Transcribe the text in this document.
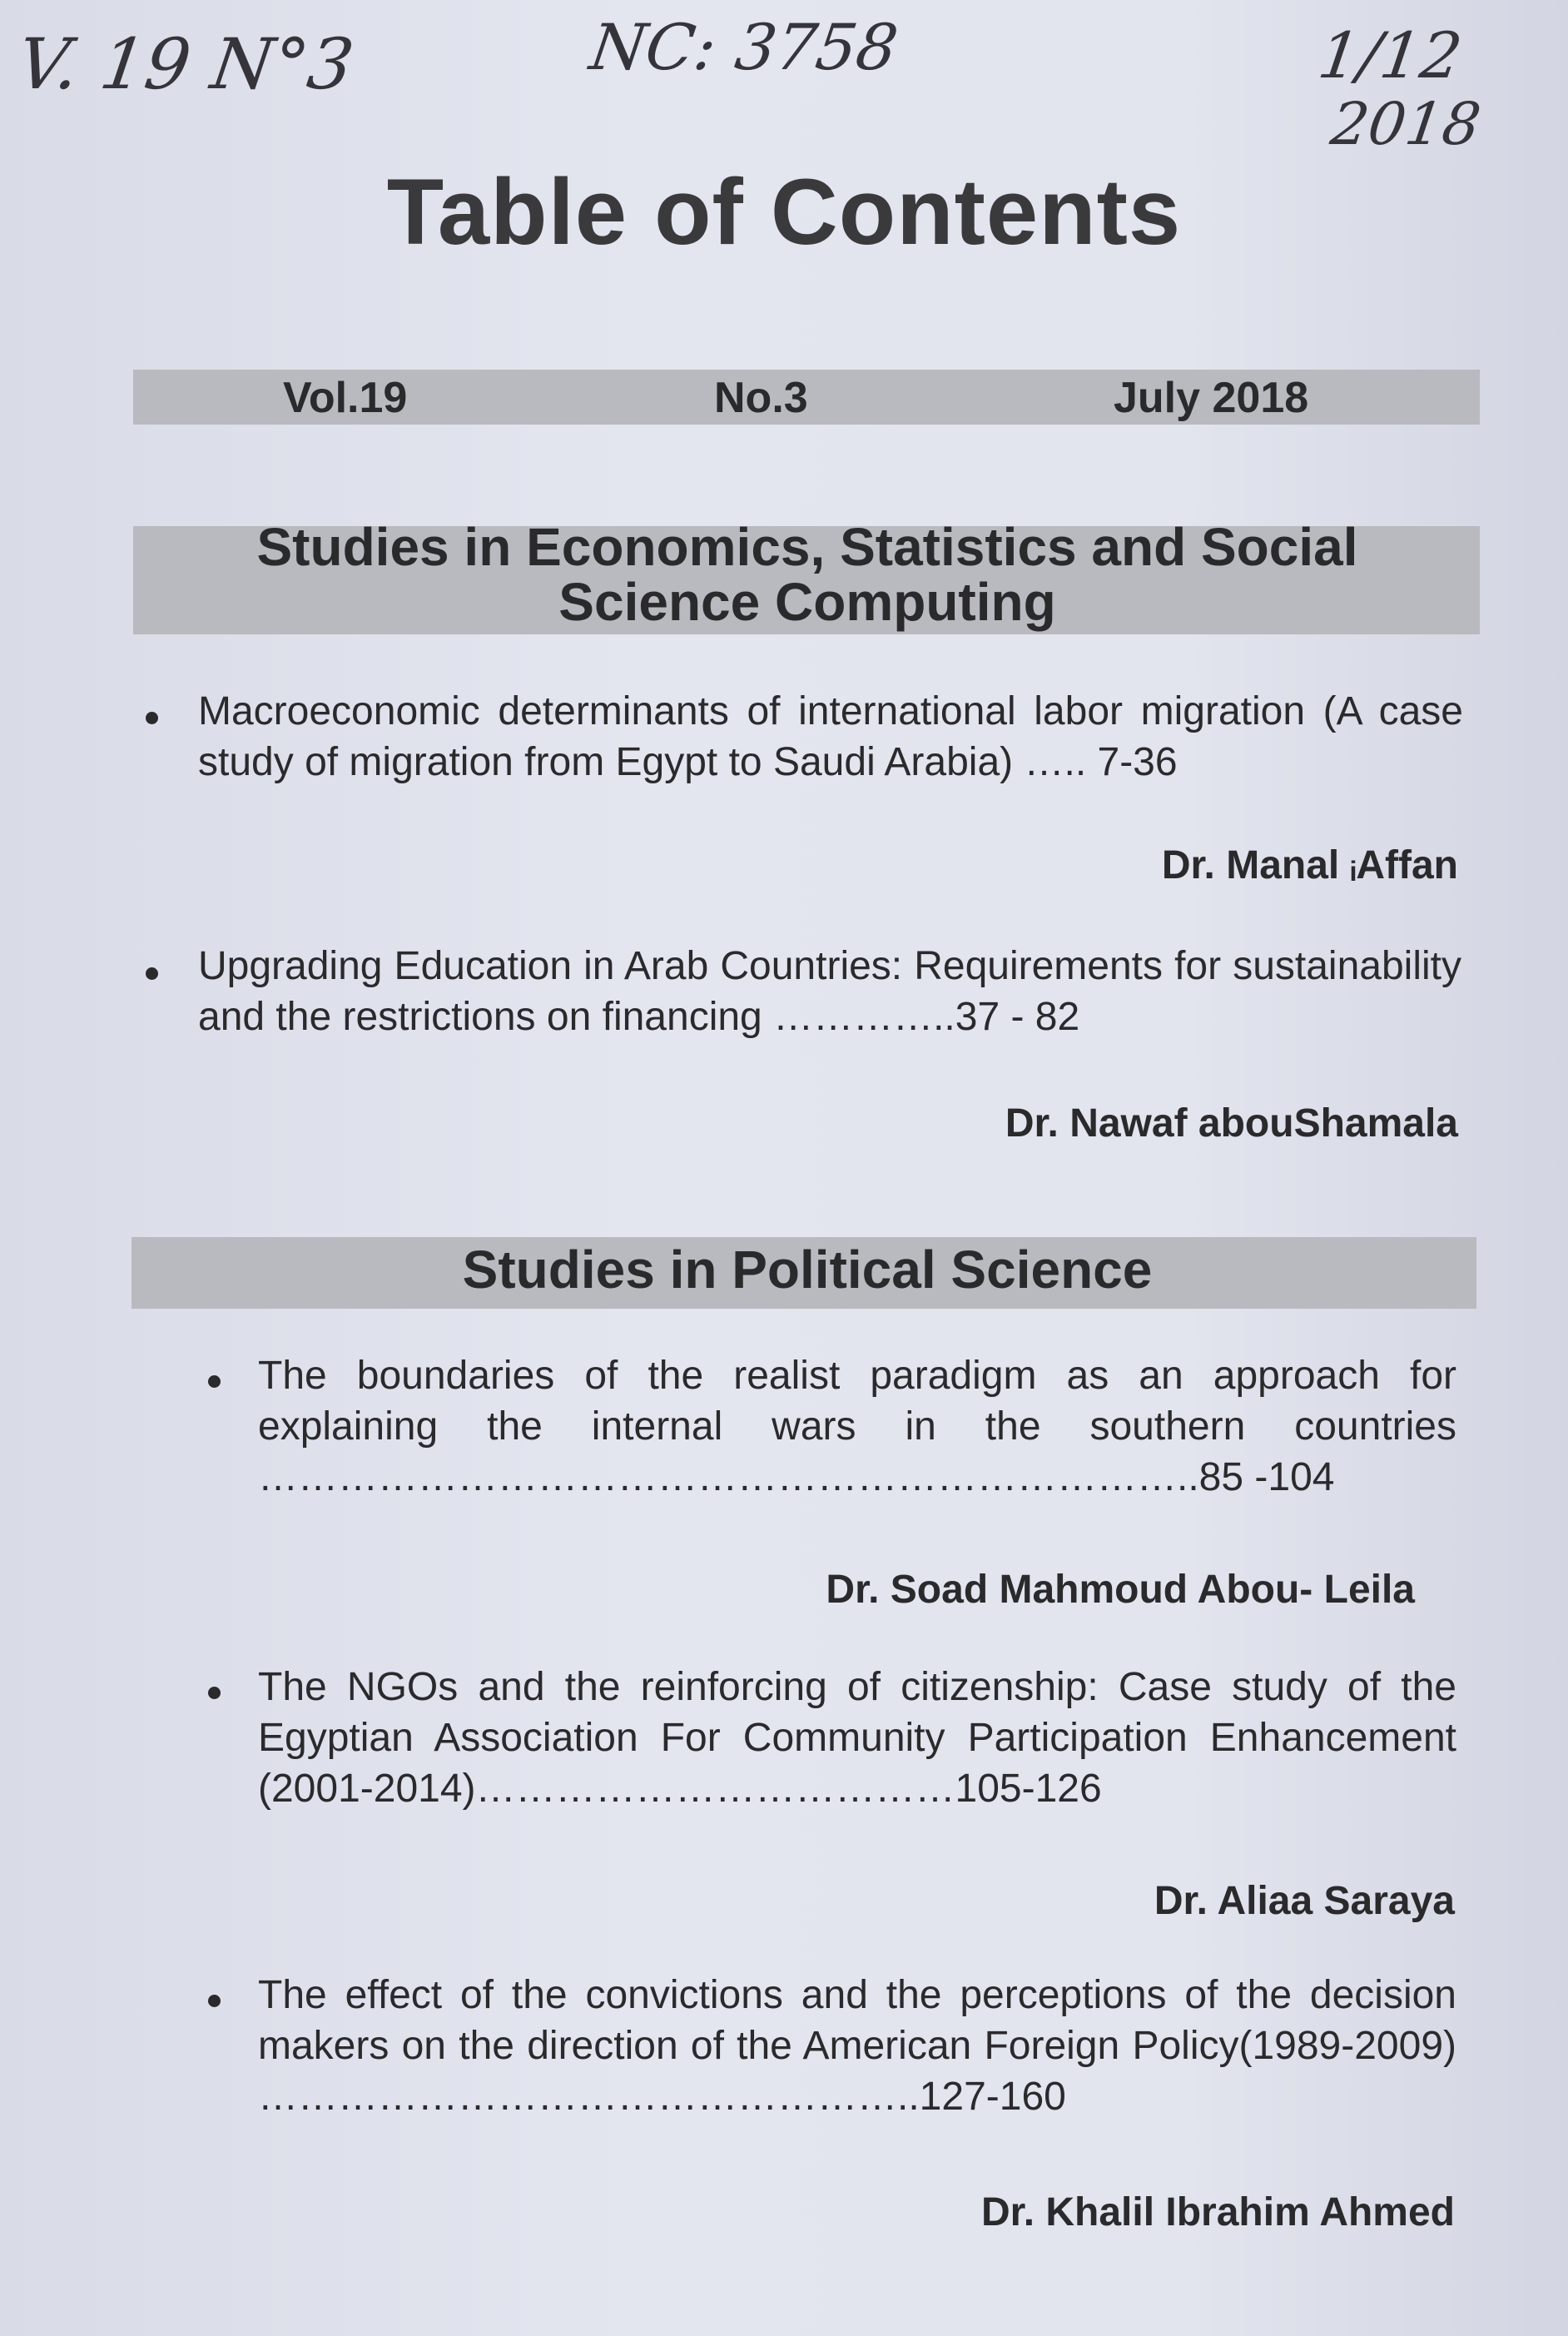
V. 19 N°3	NC: 3758	1/12
2018
Table of Contents
Vol.19	No.3	July 2018
Studies in Economics, Statistics and Social Science Computing
Macroeconomic determinants of international labor migration (A case study of migration from Egypt to Saudi Arabia) ….. 7-36
Dr. Manal ᵢAffan
Upgrading Education in Arab Countries: Requirements for sustainability and the restrictions on financing …………..37 - 82
Dr. Nawaf abouShamala
Studies in Political Science
The boundaries of the realist paradigm as an approach for explaining the internal wars in the southern countries ……………………………………………………………..85 -104
Dr. Soad Mahmoud Abou- Leila
The NGOs and the reinforcing of citizenship: Case study of the Egyptian Association For Community Participation Enhancement (2001-2014)………………………………105-126
Dr. Aliaa Saraya
The effect of the convictions and the perceptions of the decision makers on the direction of the American Foreign Policy(1989-2009) …………………………………………..127-160
Dr. Khalil Ibrahim Ahmed
